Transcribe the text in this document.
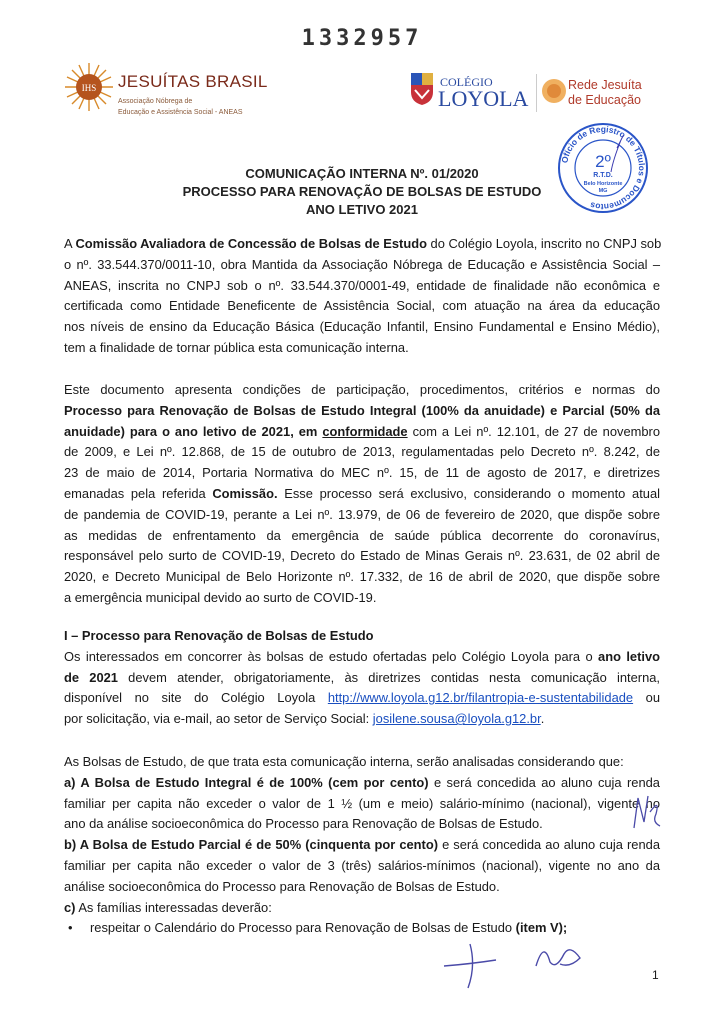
1332957
IHS JESUÍTAS BRASIL
Associação Nóbrega de
Educação e Assistência Social - ANEAS
COLÉGIO
LOYOLA
Rede Jesuíta
de Educação
Ofício de Registro de Títulos e Documentos
2º
R.T.D.
Belo Horizonte
MG
COMUNICAÇÃO INTERNA Nº. 01/2020
PROCESSO PARA RENOVAÇÃO DE BOLSAS DE ESTUDO
ANO LETIVO 2021
A Comissão Avaliadora de Concessão de Bolsas de Estudo do Colégio Loyola, inscrito no CNPJ sob
o nº. 33.544.370/0011-10, obra Mantida da Associação Nóbrega de Educação e Assistência Social –
ANEAS, inscrita no CNPJ sob o nº. 33.544.370/0001-49, entidade de finalidade não econômica e
certificada como Entidade Beneficente de Assistência Social, com atuação na área da educação
nos níveis de ensino da Educação Básica (Educação Infantil, Ensino Fundamental e Ensino Médio),
tem a finalidade de tornar pública esta comunicação interna.
Este documento apresenta condições de participação, procedimentos, critérios e normas do
Processo para Renovação de Bolsas de Estudo Integral (100% da anuidade) e Parcial (50% da
anuidade) para o ano letivo de 2021, em conformidade com a Lei nº. 12.101, de 27 de novembro
de 2009, e Lei nº. 12.868, de 15 de outubro de 2013, regulamentadas pelo Decreto nº. 8.242, de
23 de maio de 2014, Portaria Normativa do MEC nº. 15, de 11 de agosto de 2017, e diretrizes
emanadas pela referida Comissão. Esse processo será exclusivo, considerando o momento atual
de pandemia de COVID-19, perante a Lei nº. 13.979, de 06 de fevereiro de 2020, que dispõe sobre
as medidas de enfrentamento da emergência de saúde pública decorrente do coronavírus,
responsável pelo surto de COVID-19, Decreto do Estado de Minas Gerais nº. 23.631, de 02 abril de
2020, e Decreto Municipal de Belo Horizonte nº. 17.332, de 16 de abril de 2020, que dispõe sobre
a emergência municipal devido ao surto de COVID-19.
I – Processo para Renovação de Bolsas de Estudo
Os interessados em concorrer às bolsas de estudo ofertadas pelo Colégio Loyola para o ano letivo
de 2021 devem atender, obrigatoriamente, às diretrizes contidas nesta comunicação interna,
disponível no site do Colégio Loyola http://www.loyola.g12.br/filantropia-e-sustentabilidade ou
por solicitação, via e-mail, ao setor de Serviço Social: josilene.sousa@loyola.g12.br.
As Bolsas de Estudo, de que trata esta comunicação interna, serão analisadas considerando que:
a) A Bolsa de Estudo Integral é de 100% (cem por cento) e será concedida ao aluno cuja renda
familiar per capita não exceder o valor de 1 ½ (um e meio) salário-mínimo (nacional), vigente no
ano da análise socioeconômica do Processo para Renovação de Bolsas de Estudo.
b) A Bolsa de Estudo Parcial é de 50% (cinquenta por cento) e será concedida ao aluno cuja renda
familiar per capita não exceder o valor de 3 (três) salários-mínimos (nacional), vigente no ano da
análise socioeconômica do Processo para Renovação de Bolsas de Estudo.
c) As famílias interessadas deverão:
• respeitar o Calendário do Processo para Renovação de Bolsas de Estudo (item V);
1
